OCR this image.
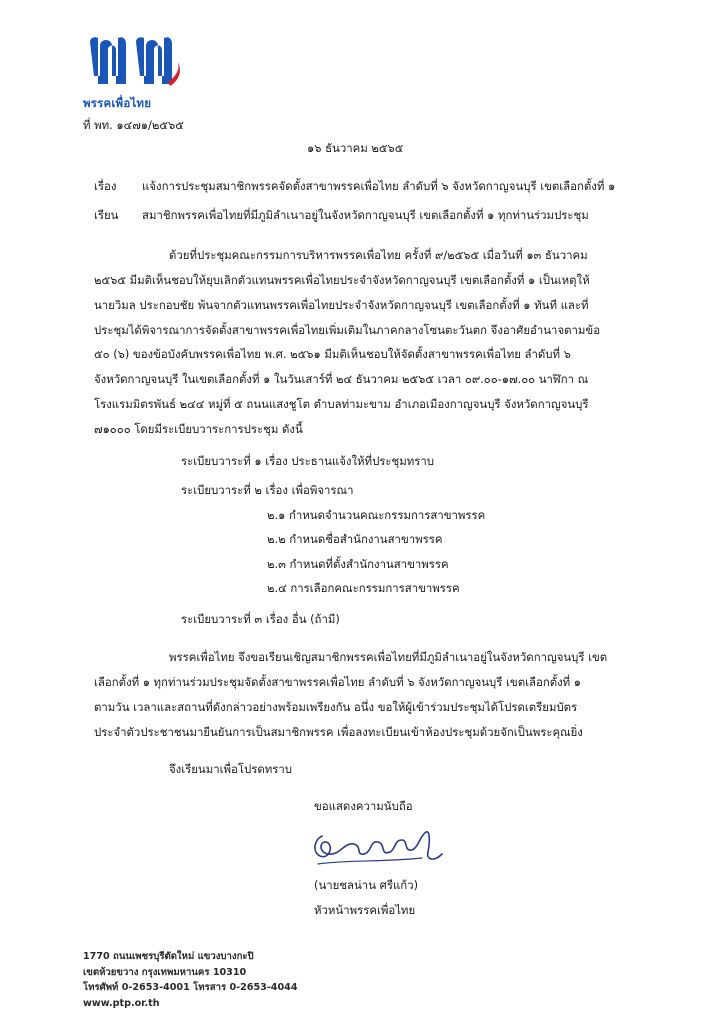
พรรคเพื่อไทย
ที่ พท. ๑๔๗๑/๒๕๖๕
๑๖ ธันวาคม ๒๕๖๕
เรื่อง แจ้งการประชุมสมาชิกพรรคจัดตั้งสาขาพรรคเพื่อไทย ลำดับที่ ๖ จังหวัดกาญจนบุรี เขตเลือกตั้งที่ ๑
เรียน สมาชิกพรรคเพื่อไทยที่มีภูมิลำเนาอยู่ในจังหวัดกาญจนบุรี เขตเลือกตั้งที่ ๑ ทุกท่านร่วมประชุม
ด้วยที่ประชุมคณะกรรมการบริหารพรรคเพื่อไทย ครั้งที่ ๙/๒๕๖๕ เมื่อวันที่ ๑๓ ธันวาคม
๒๕๖๕ มีมติเห็นชอบให้ยุบเลิกตัวแทนพรรคเพื่อไทยประจำจังหวัดกาญจนบุรี เขตเลือกตั้งที่ ๑ เป็นเหตุให้
นายวิมล ประกอบชัย พ้นจากตัวแทนพรรคเพื่อไทยประจำจังหวัดกาญจนบุรี เขตเลือกตั้งที่ ๑ ทันที และที่
ประชุมได้พิจารณาการจัดตั้งสาขาพรรคเพื่อไทยเพิ่มเติมในภาคกลางโซนตะวันตก จึงอาศัยอำนาจตามข้อ
๕๐ (๖) ของข้อบังคับพรรคเพื่อไทย พ.ศ. ๒๕๖๑ มีมติเห็นชอบให้จัดตั้งสาขาพรรคเพื่อไทย ลำดับที่ ๖
จังหวัดกาญจนบุรี ในเขตเลือกตั้งที่ ๑ ในวันเสาร์ที่ ๒๔ ธันวาคม ๒๕๖๕ เวลา ๐๙.๐๐-๑๗.๐๐ นาฬิกา ณ
โรงแรมมิตรพันธ์ ๒๔๔ หมู่ที่ ๕ ถนนแสงชูโต ตำบลท่ามะขาม อำเภอเมืองกาญจนบุรี จังหวัดกาญจนบุรี
๗๑๐๐๐ โดยมีระเบียบวาระการประชุม ดังนี้
ระเบียบวาระที่ ๑ เรื่อง ประธานแจ้งให้ที่ประชุมทราบ
ระเบียบวาระที่ ๒ เรื่อง เพื่อพิจารณา
๒.๑ กำหนดจำนวนคณะกรรมการสาขาพรรค
๒.๒ กำหนดชื่อสำนักงานสาขาพรรค
๒.๓ กำหนดที่ตั้งสำนักงานสาขาพรรค
๒.๔ การเลือกคณะกรรมการสาขาพรรค
ระเบียบวาระที่ ๓ เรื่อง อื่น (ถ้ามี)
พรรคเพื่อไทย จึงขอเรียนเชิญสมาชิกพรรคเพื่อไทยที่มีภูมิลำเนาอยู่ในจังหวัดกาญจนบุรี เขต
เลือกตั้งที่ ๑ ทุกท่านร่วมประชุมจัดตั้งสาขาพรรคเพื่อไทย ลำดับที่ ๖ จังหวัดกาญจนบุรี เขตเลือกตั้งที่ ๑
ตามวัน เวลาและสถานที่ดังกล่าวอย่างพร้อมเพรียงกัน อนึ่ง ขอให้ผู้เข้าร่วมประชุมได้โปรดเตรียมบัตร
ประจำตัวประชาชนมายืนยันการเป็นสมาชิกพรรค เพื่อลงทะเบียนเข้าห้องประชุมด้วยจักเป็นพระคุณยิ่ง
จึงเรียนมาเพื่อโปรดทราบ
ขอแสดงความนับถือ
(นายชลน่าน ศรีแก้ว)
หัวหน้าพรรคเพื่อไทย
1770 ถนนเพชรบุรีตัดใหม่ แขวงบางกะปิ
เขตห้วยขวาง กรุงเทพมหานคร 10310
โทรศัพท์ 0-2653-4001 โทรสาร 0-2653-4044
www.ptp.or.th
